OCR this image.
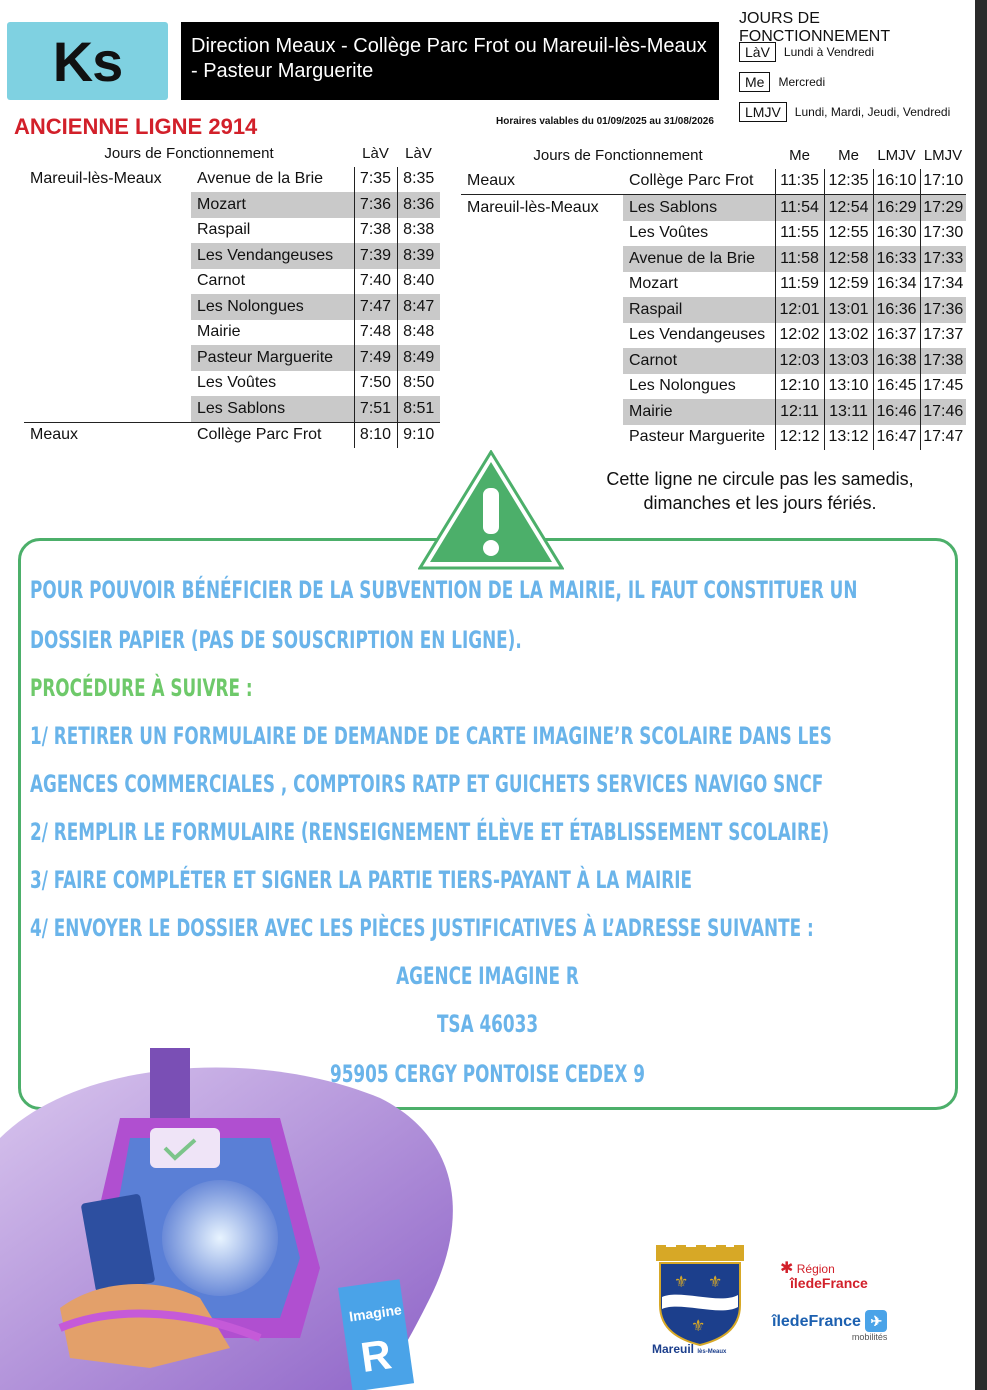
Ks	Direction Meaux - Collège Parc Frot ou Mareuil-lès-Meaux - Pasteur Marguerite
ANCIENNE LIGNE 2914	Horaires valables du 01/09/2025 au 31/08/2026
JOURS DE FONCTIONNEMENT
LàV	Lundi à Vendredi
Me	Mercredi
LMJV	Lundi, Mardi, Jeudi, Vendredi
Jours de Fonctionnement		LàV	LàV
Mareuil-lès-Meaux	Avenue de la Brie	7:35	8:35
	Mozart	7:36	8:36
	Raspail	7:38	8:38
	Les Vendangeuses	7:39	8:39
	Carnot	7:40	8:40
	Les Nolongues	7:47	8:47
	Mairie	7:48	8:48
	Pasteur Marguerite	7:49	8:49
	Les Voûtes	7:50	8:50
	Les Sablons	7:51	8:51
Meaux	Collège Parc Frot	8:10	9:10
Jours de Fonctionnement		Me	Me	LMJV	LMJV
Meaux	Collège Parc Frot	11:35	12:35	16:10	17:10
Mareuil-lès-Meaux	Les Sablons	11:54	12:54	16:29	17:29
	Les Voûtes	11:55	12:55	16:30	17:30
	Avenue de la Brie	11:58	12:58	16:33	17:33
	Mozart	11:59	12:59	16:34	17:34
	Raspail	12:01	13:01	16:36	17:36
	Les Vendangeuses	12:02	13:02	16:37	17:37
	Carnot	12:03	13:03	16:38	17:38
	Les Nolongues	12:10	13:10	16:45	17:45
	Mairie	12:11	13:11	16:46	17:46
	Pasteur Marguerite	12:12	13:12	16:47	17:47
Cette ligne ne circule pas les samedis,
dimanches et les jours fériés.
POUR POUVOIR BÉNÉFICIER DE LA SUBVENTION DE LA MAIRIE, IL FAUT CONSTITUER UN
DOSSIER PAPIER (PAS DE SOUSCRIPTION EN LIGNE).
PROCÉDURE À SUIVRE :
1/ RETIRER UN FORMULAIRE DE DEMANDE DE CARTE IMAGINE’R SCOLAIRE DANS LES
AGENCES COMMERCIALES , COMPTOIRS RATP ET GUICHETS SERVICES NAVIGO SNCF
2/ REMPLIR LE FORMULAIRE (RENSEIGNEMENT ÉLÈVE ET ÉTABLISSEMENT SCOLAIRE)
3/ FAIRE COMPLÉTER ET SIGNER LA PARTIE TIERS-PAYANT À LA MAIRIE
4/ ENVOYER LE DOSSIER AVEC LES PIÈCES JUSTIFICATIVES À L’ADRESSE SUIVANTE :
AGENCE IMAGINE R
TSA 46033
95905 CERGY PONTOISE CEDEX 9
Imagine
R
⚜ ⚜
⚜
Mareuil lès-Meaux
✱ Région
îledeFrance
îledeFrance ✈
mobilités
